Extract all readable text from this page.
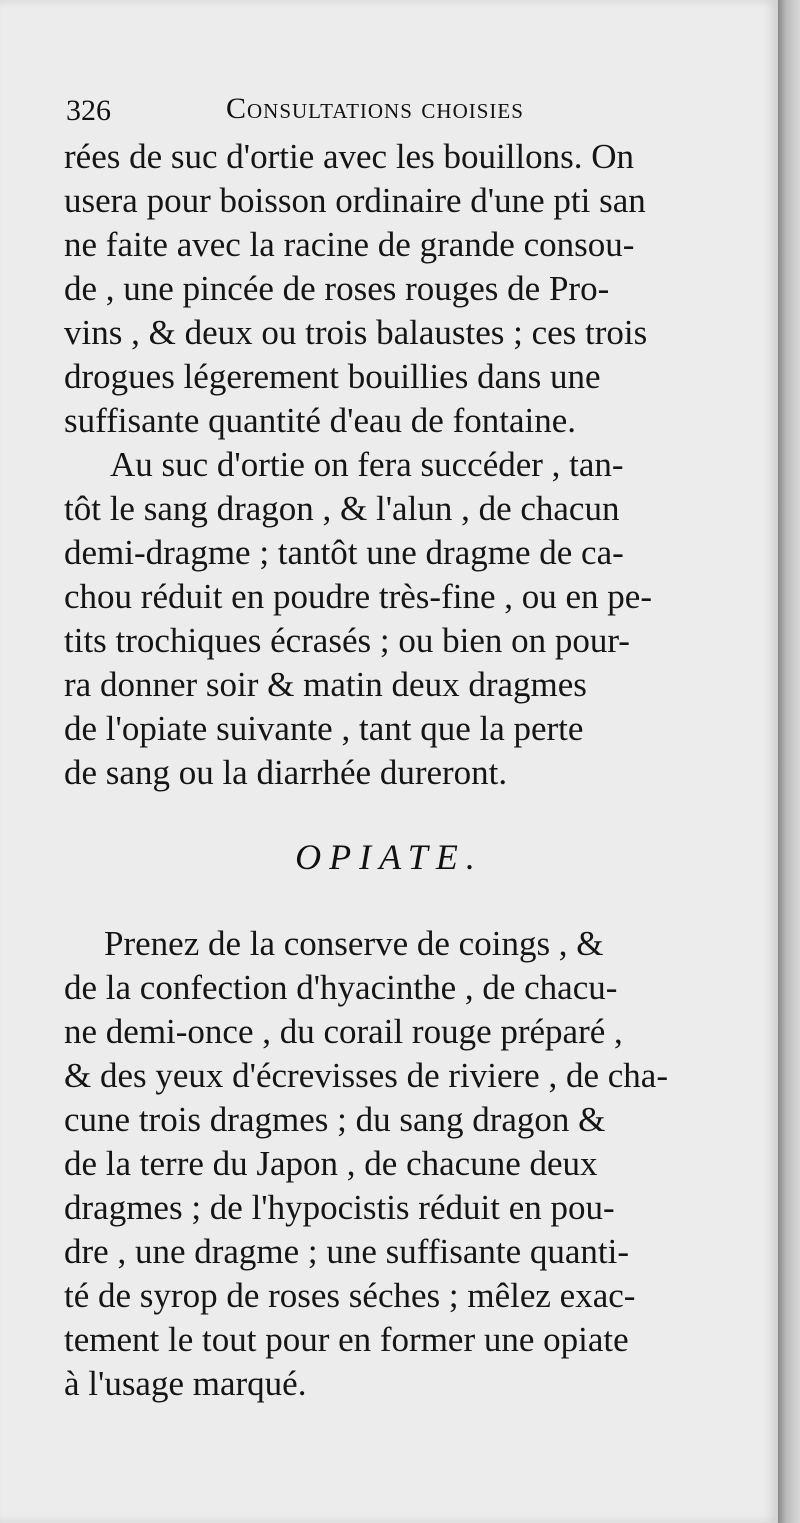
326	Consultations choisies
rées de suc d'ortie avec les bouillons. On
usera pour boisson ordinaire d'une pti san
ne faite avec la racine de grande consou-
de , une pincée de roses rouges de Pro-
vins , & deux ou trois balaustes ; ces trois
drogues légerement bouillies dans une
suffisante quantité d'eau de fontaine.
Au suc d'ortie on fera succéder , tan-
tôt le sang dragon , & l'alun , de chacun
demi-dragme ; tantôt une dragme de ca-
chou réduit en poudre très-fine , ou en pe-
tits trochiques écrasés ; ou bien on pour-
ra donner soir & matin deux dragmes
de l'opiate suivante , tant que la perte
de sang ou la diarrhée dureront.
OPIATE.
Prenez de la conserve de coings , &
de la confection d'hyacinthe , de chacu-
ne demi-once , du corail rouge préparé ,
& des yeux d'écrevisses de riviere , de cha-
cune trois dragmes ; du sang dragon &
de la terre du Japon , de chacune deux
dragmes ; de l'hypocistis réduit en pou-
dre , une dragme ; une suffisante quanti-
té de syrop de roses séches ; mêlez exac-
tement le tout pour en former une opiate
à l'usage marqué.
